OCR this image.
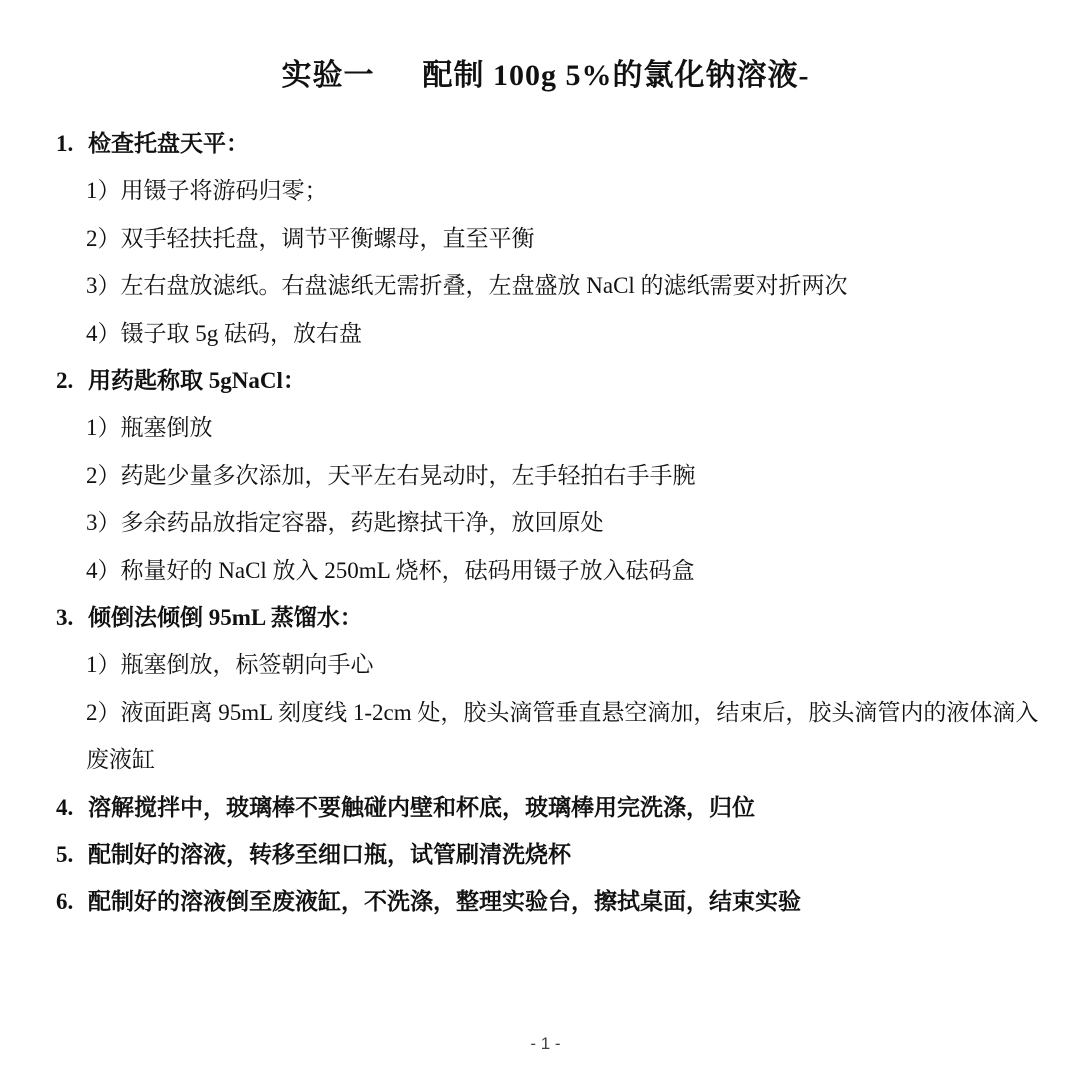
实验一 配制 100g 5%的氯化钠溶液-
1. 检查托盘天平：
1）用镊子将游码归零；
2）双手轻扶托盘，调节平衡螺母，直至平衡
3）左右盘放滤纸。右盘滤纸无需折叠，左盘盛放 NaCl 的滤纸需要对折两次
4）镊子取 5g 砝码，放右盘
2. 用药匙称取 5gNaCl：
1）瓶塞倒放
2）药匙少量多次添加，天平左右晃动时，左手轻拍右手手腕
3）多余药品放指定容器，药匙擦拭干净，放回原处
4）称量好的 NaCl 放入 250mL 烧杯，砝码用镊子放入砝码盒
3. 倾倒法倾倒 95mL 蒸馏水：
1）瓶塞倒放，标签朝向手心
2）液面距离 95mL 刻度线 1-2cm 处，胶头滴管垂直悬空滴加，结束后，胶头滴管内的液体滴入废液缸
4. 溶解搅拌中，玻璃棒不要触碰内壁和杯底，玻璃棒用完洗涤，归位
5. 配制好的溶液，转移至细口瓶，试管刷清洗烧杯
6. 配制好的溶液倒至废液缸，不洗涤，整理实验台，擦拭桌面，结束实验
- 1 -
